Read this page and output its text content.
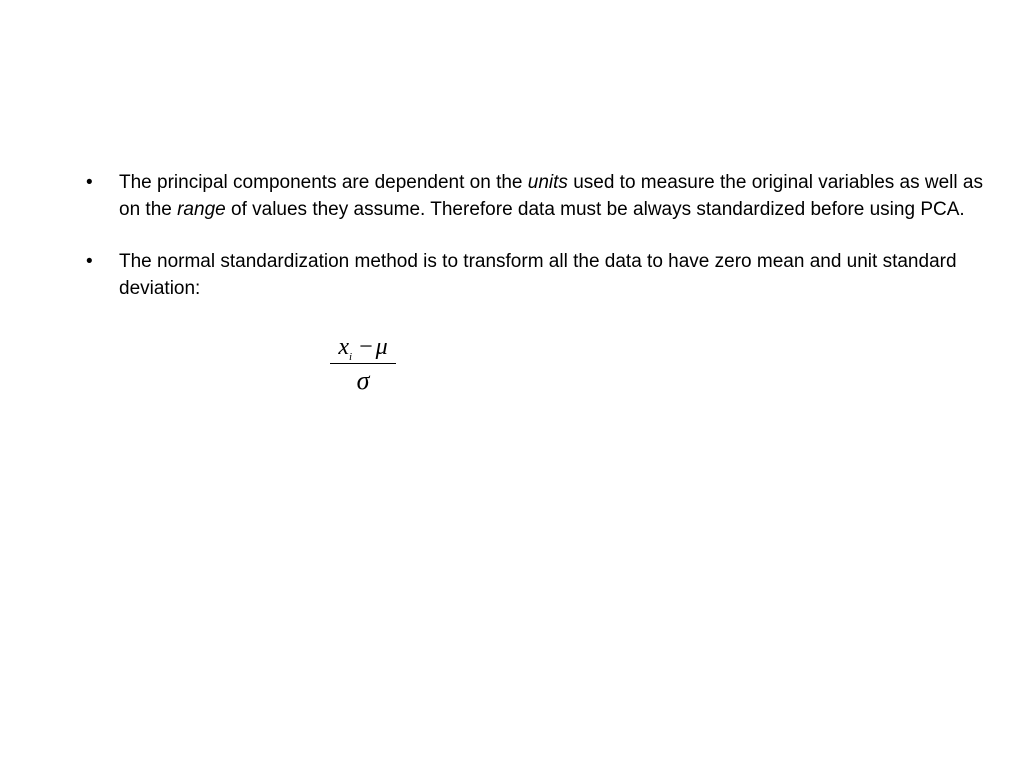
•	The principal components are dependent on the units used to measure the original variables as well as on the range of values they assume. Therefore data must be always standardized before using PCA.
•	The normal standardization method is to transform all the data to have zero mean and unit standard deviation:
$x_i - \mu$
σ
